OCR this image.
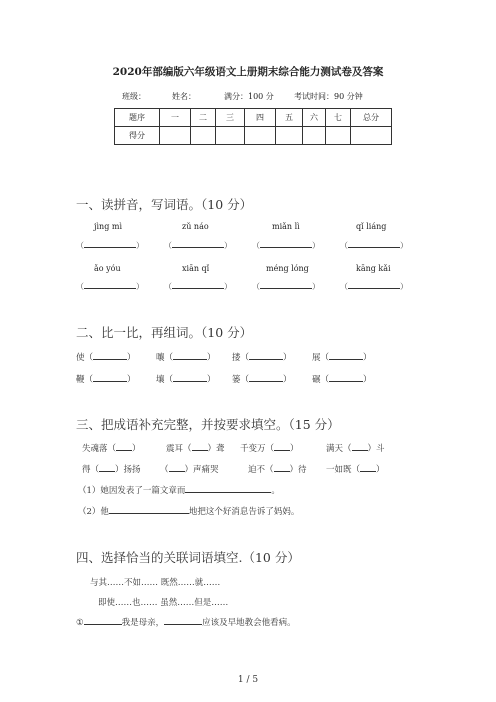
2020年部编版六年级语文上册期末综合能力测试卷及答案
班级：	姓名：	满分：100 分	考试时间：90 分钟
题序	一	二	三	四	五	六	七	总分
得分								
一、读拼音，写词语。（10 分）
jìng mì	zǔ náo	miǎn lì	qǐ liáng
（	）	（	）	（	）	（	）
ǎo yóu	xiān qǐ	méng lóng	kāng kǎi
（	）	（	）	（	）	（	）
二、比一比，再组词。（10 分）
使（	） 嚷（	） 搂（	） 展（	）
鞭（	） 壤（	） 篓（	） 碾（	）
三、把成语补充完整，并按要求填空。（15 分）
失魂落（ ）	震耳（ ）聋 千变万（ ）	满天（ ）斗
得（ ）扬扬 （ ）声痛哭	迫不（ ）待 一如既（ ）
（1）她因发表了一篇文章而	。
（2）他	地把这个好消息告诉了妈妈。
四、选择恰当的关联词语填空.（10 分）
与其……不如…… 既然……就……
即使……也…… 虽然……但是……
①	我是母亲，	应该及早地教会他看病。
1 / 5
